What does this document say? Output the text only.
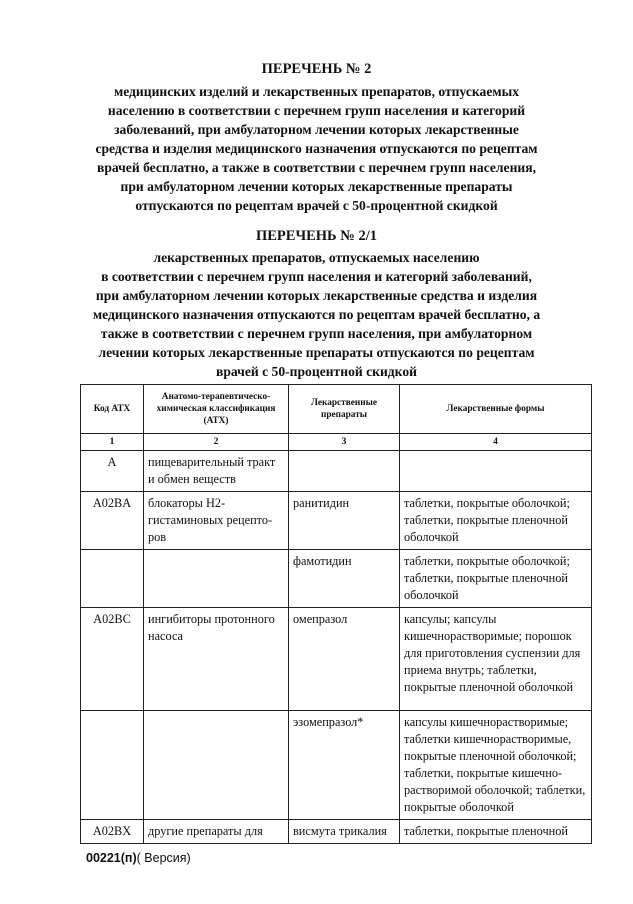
ПЕРЕЧЕНЬ № 2
медицинских изделий и лекарственных препаратов, отпускаемых
населению в соответствии с перечнем групп населения и категорий
заболеваний, при амбулаторном лечении которых лекарственные
средства и изделия медицинского назначения отпускаются по рецептам
врачей бесплатно, а также в соответствии с перечнем групп населения,
при амбулаторном лечении которых лекарственные препараты
отпускаются по рецептам врачей с 50-процентной скидкой
ПЕРЕЧЕНЬ № 2/1
лекарственных препаратов, отпускаемых населению
в соответствии с перечнем групп населения и категорий заболеваний,
при амбулаторном лечении которых лекарственные средства и изделия
медицинского назначения отпускаются по рецептам врачей бесплатно, а
также в соответствии с перечнем групп населения, при амбулаторном
лечении которых лекарственные препараты отпускаются по рецептам
врачей с 50-процентной скидкой
Код АТХ	Анатомо-терапевтическо-химическая классификация (АТХ)	Лекарственные препараты	Лекарственные формы
1	2	3	4
A	пищеварительный тракт и обмен веществ		
A02BA	блокаторы Н2-гистаминовых рецепто-ров	ранитидин	таблетки, покрытые оболочкой; таблетки, покрытые пленочной оболочкой
		фамотидин	таблетки, покрытые оболочкой; таблетки, покрытые пленочной оболочкой
A02BC	ингибиторы протонного насоса	омепразол	капсулы; капсулы кишечнорастворимые; порошок для приготовления суспензии для приема внутрь; таблетки, покрытые пленочной оболочкой
		эзомепразол*	капсулы кишечнорастворимые; таблетки кишечнорастворимые, покрытые пленочной оболочкой; таблетки, покрытые кишечно-растворимой оболочкой; таблетки, покрытые оболочкой
A02BX	другие препараты для	висмута трикалия	таблетки, покрытые пленочной
00221(п)( Версия)
